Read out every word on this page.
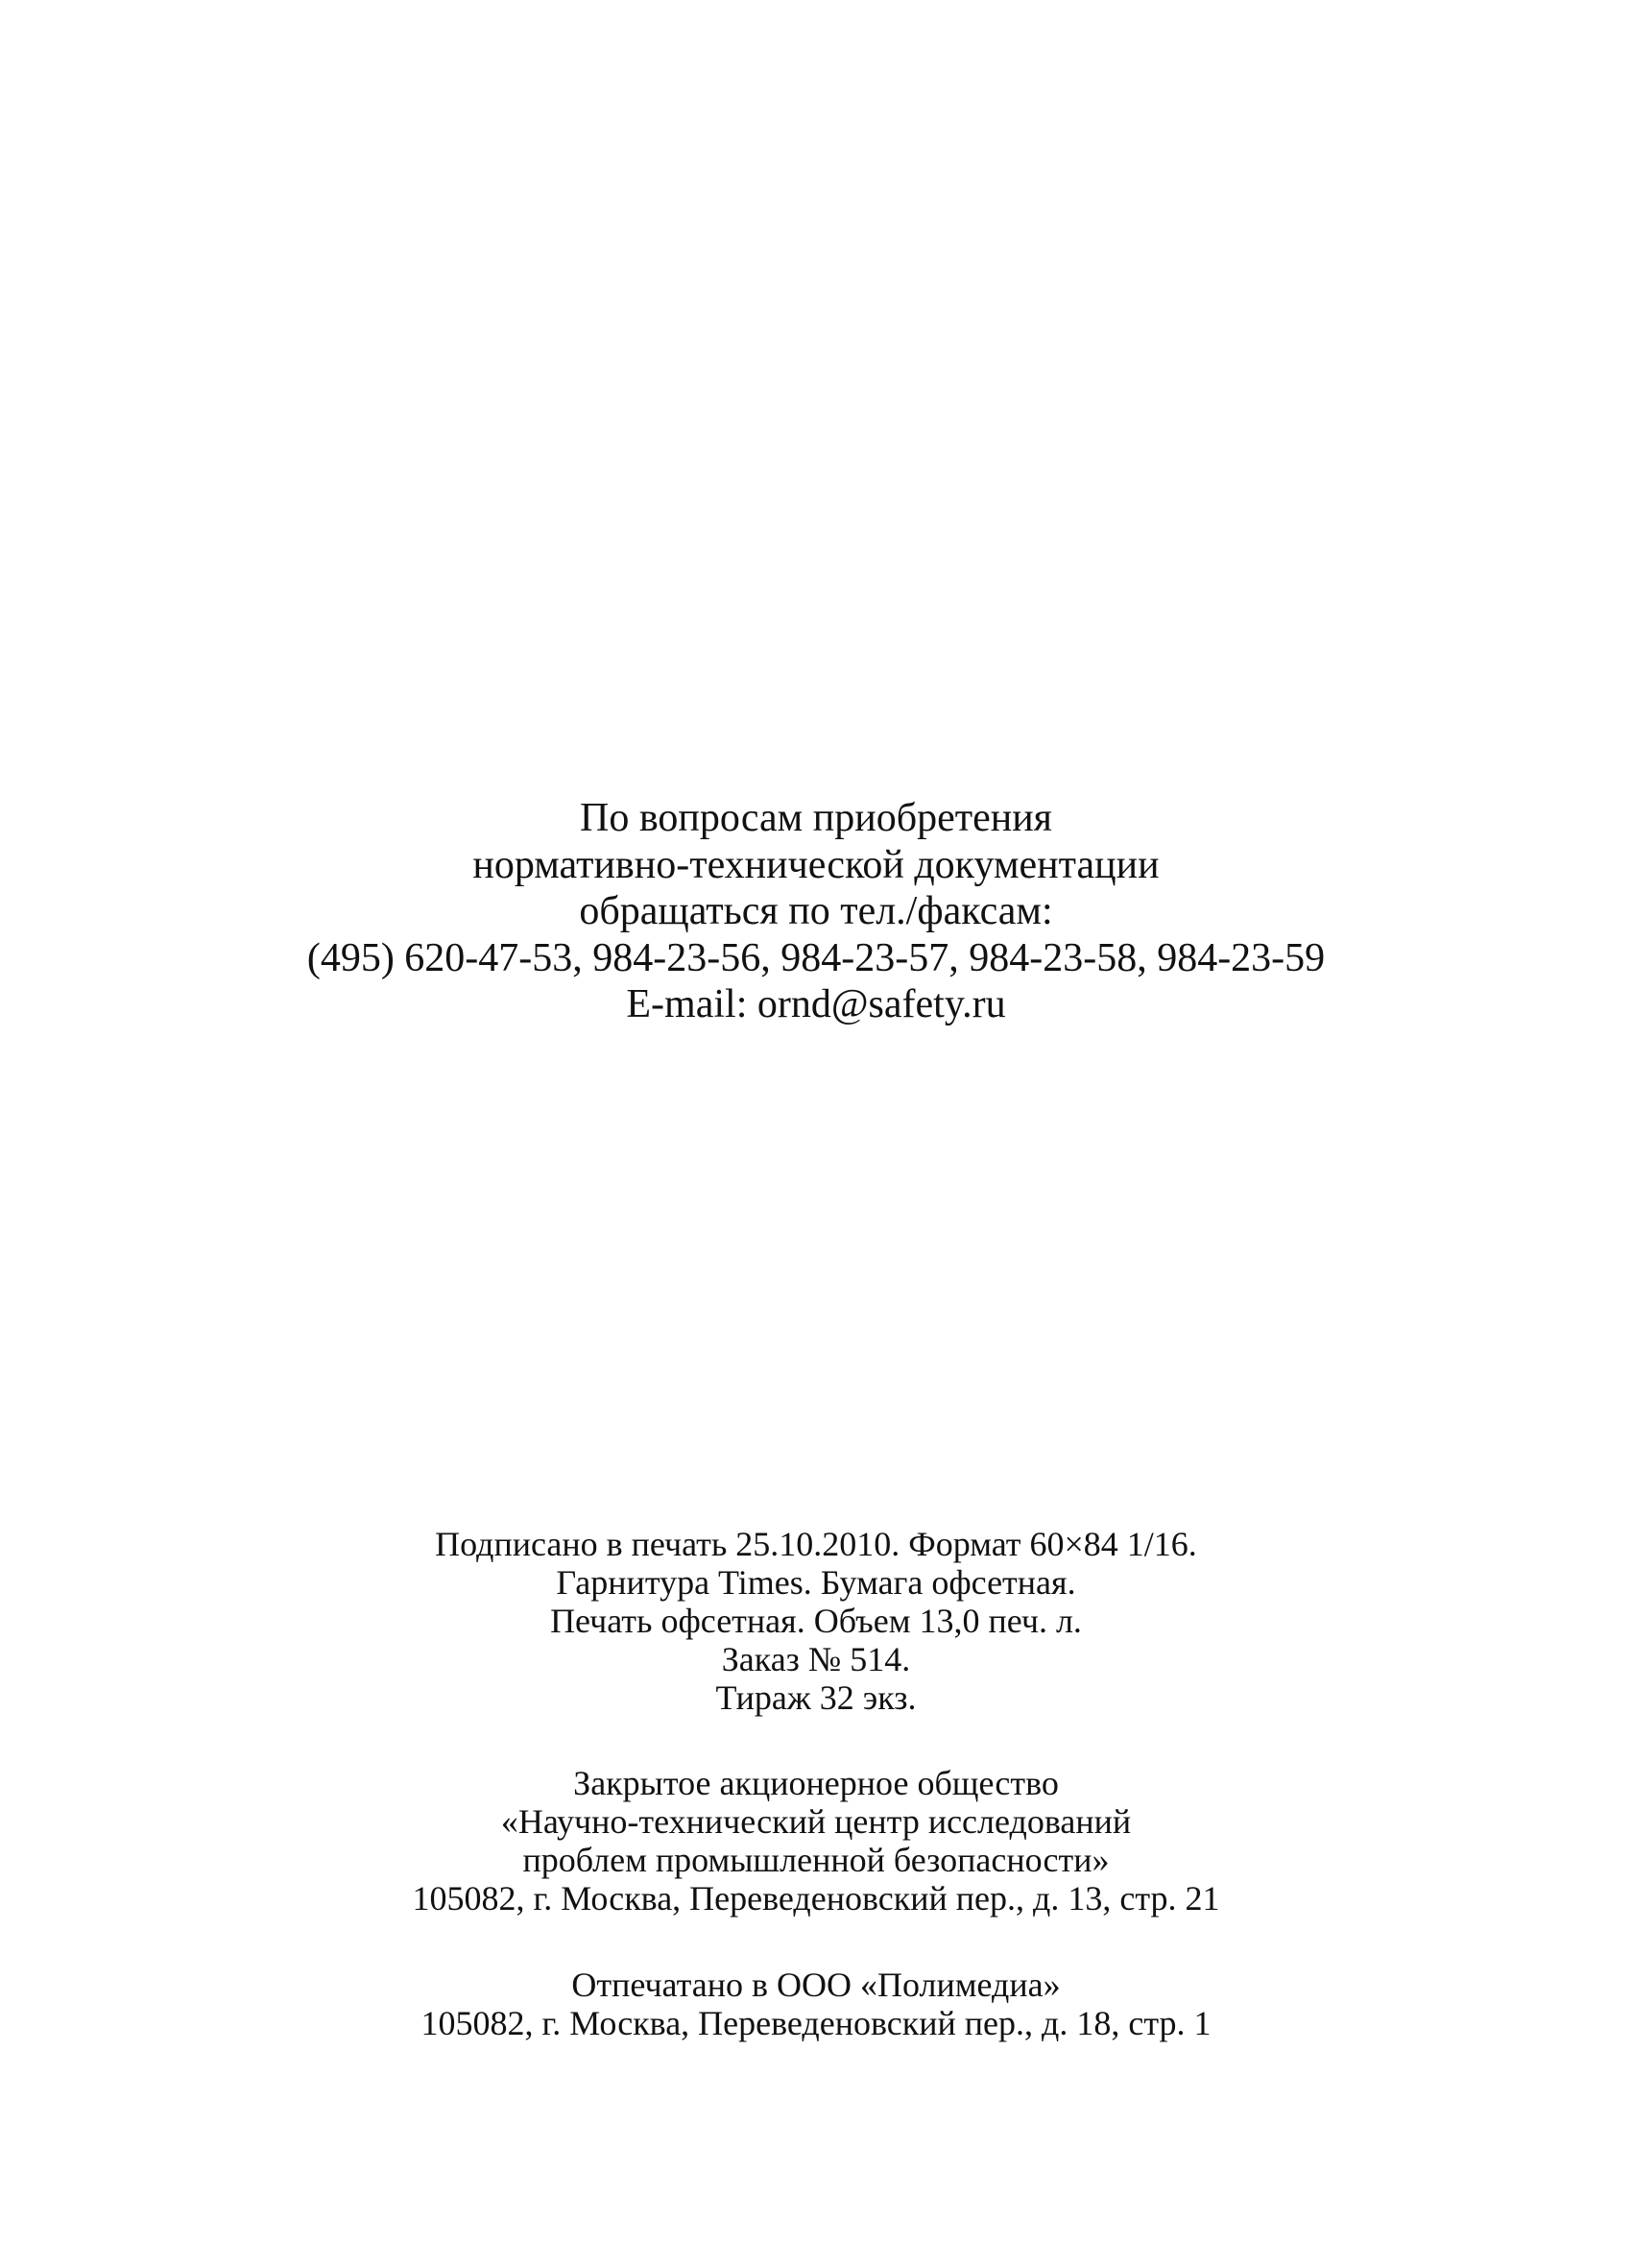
По вопросам приобретения
нормативно-технической документации
обращаться по тел./факсам:
(495) 620-47-53, 984-23-56, 984-23-57, 984-23-58, 984-23-59
E-mail: ornd@safety.ru
Подписано в печать 25.10.2010. Формат 60×84 1/16.
Гарнитура Times. Бумага офсетная.
Печать офсетная. Объем 13,0 печ. л.
Заказ № 514.
Тираж 32 экз.
Закрытое акционерное общество
«Научно-технический центр исследований
проблем промышленной безопасности»
105082, г. Москва, Переведеновский пер., д. 13, стр. 21
Отпечатано в ООО «Полимедиа»
105082, г. Москва, Переведеновский пер., д. 18, стр. 1
